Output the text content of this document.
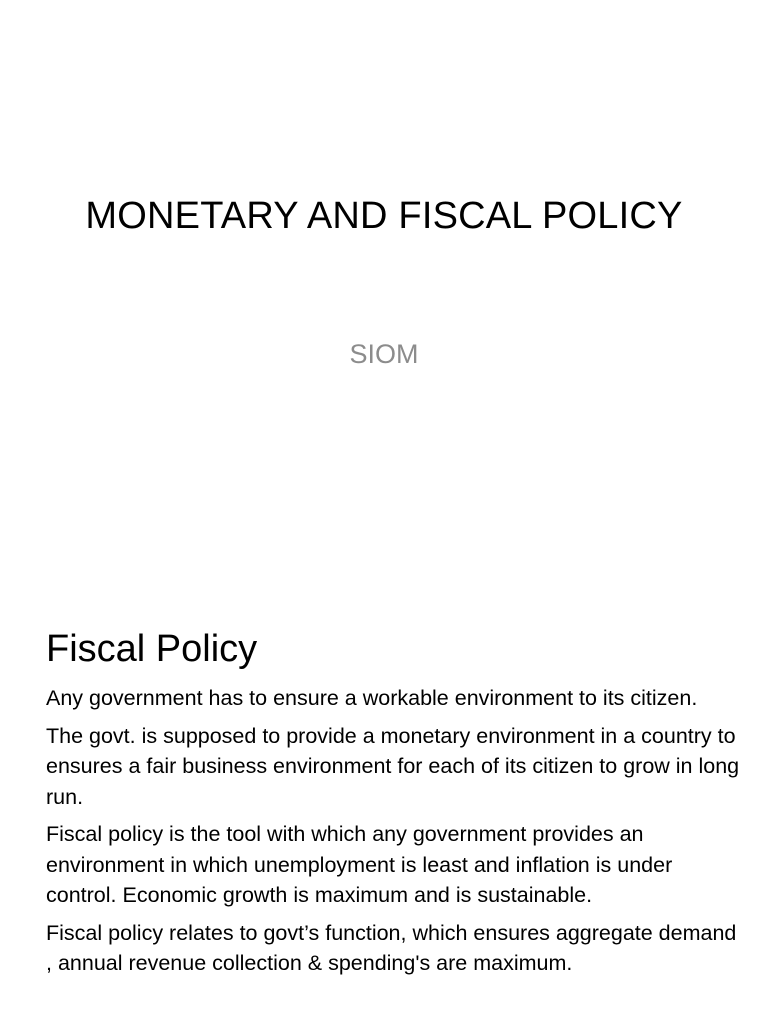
MONETARY AND FISCAL POLICY
SIOM
Fiscal Policy
Any government has to ensure a workable environment to its citizen.
The govt. is supposed to provide a monetary environment in a country to ensures a fair business environment for each of its citizen to grow in long run.
Fiscal policy is the tool with which any government provides an environment in which unemployment is least and inflation is under control. Economic growth is maximum and is sustainable.
Fiscal policy relates to govt’s function, which ensures aggregate demand , annual revenue collection & spending's are maximum.
